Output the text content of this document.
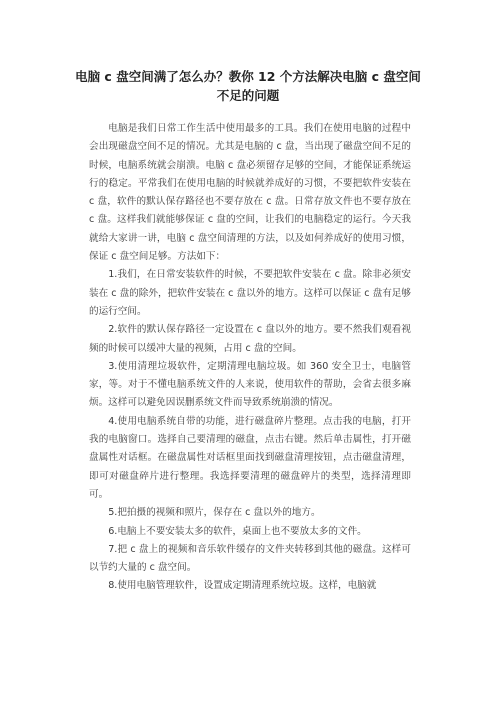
电脑 c 盘空间满了怎么办？教你 12 个方法解决电脑 c 盘空间
不足的问题

电脑是我们日常工作生活中使用最多的工具。我们在使用电脑的过程中会出现磁盘空间不足的情况。尤其是电脑的 c 盘，当出现了磁盘空间不足的时候，电脑系统就会崩溃。电脑 c 盘必须留存足够的空间，才能保证系统运行的稳定。平常我们在使用电脑的时候就养成好的习惯，不要把软件安装在 c 盘，软件的默认保存路径也不要存放在 c 盘。日常存放文件也不要存放在 c 盘。这样我们就能够保证 c 盘的空间，让我们的电脑稳定的运行。今天我就给大家讲一讲，电脑 c 盘空间清理的方法，以及如何养成好的使用习惯，保证 c 盘空间足够。方法如下：

1.我们，在日常安装软件的时候，不要把软件安装在 c 盘。除非必须安装在 c 盘的除外，把软件安装在 c 盘以外的地方。这样可以保证 c 盘有足够的运行空间。

2.软件的默认保存路径一定设置在 c 盘以外的地方。要不然我们观看视频的时候可以缓冲大量的视频，占用 c 盘的空间。

3.使用清理垃圾软件，定期清理电脑垃圾。如 360 安全卫士，电脑管家，等。对于不懂电脑系统文件的人来说，使用软件的帮助，会省去很多麻烦。这样可以避免因误删系统文件而导致系统崩溃的情况。

4.使用电脑系统自带的功能，进行磁盘碎片整理。点击我的电脑，打开我的电脑窗口。选择自己要清理的磁盘，点击右键。然后单击属性，打开磁盘属性对话框。在磁盘属性对话框里面找到磁盘清理按钮，点击磁盘清理，即可对磁盘碎片进行整理。我选择要清理的磁盘碎片的类型，选择清理即可。

5.把拍摄的视频和照片，保存在 c 盘以外的地方。

6.电脑上不要安装太多的软件，桌面上也不要放太多的文件。

7.把 c 盘上的视频和音乐软件缓存的文件夹转移到其他的磁盘。这样可以节约大量的 c 盘空间。

8.使用电脑管理软件，设置成定期清理系统垃圾。这样，电脑就
